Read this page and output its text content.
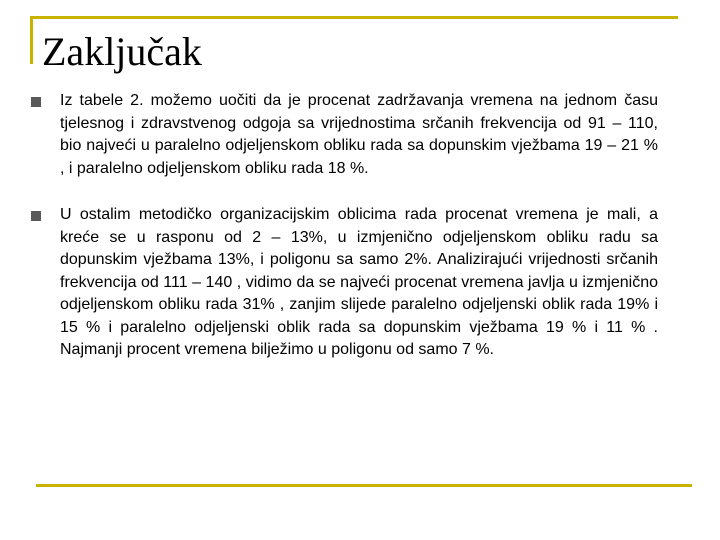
Zaključak
Iz tabele 2. možemo uočiti da je procenat zadržavanja vremena na jednom času tjelesnog i zdravstvenog odgoja sa vrijednostima srčanih frekvencija od 91 – 110, bio najveći u paralelno odjeljenskom obliku rada sa dopunskim vježbama 19 – 21 % , i paralelno odjeljenskom obliku rada 18 %.
U ostalim metodičko organizacijskim oblicima rada procenat vremena je mali, a kreće se u rasponu od 2 – 13%, u izmjenično odjeljenskom obliku radu sa dopunskim vježbama 13%, i poligonu sa samo 2%. Analizirajući vrijednosti srčanih frekvencija od 111 – 140 , vidimo da se najveći procenat vremena javlja u izmjenično odjeljenskom obliku rada 31% , zanjim slijede paralelno odjeljenski oblik rada 19% i 15 % i paralelno odjeljenski oblik rada sa dopunskim vježbama 19 % i 11 % . Najmanji procent vremena bilježimo u poligonu od samo 7 %.
